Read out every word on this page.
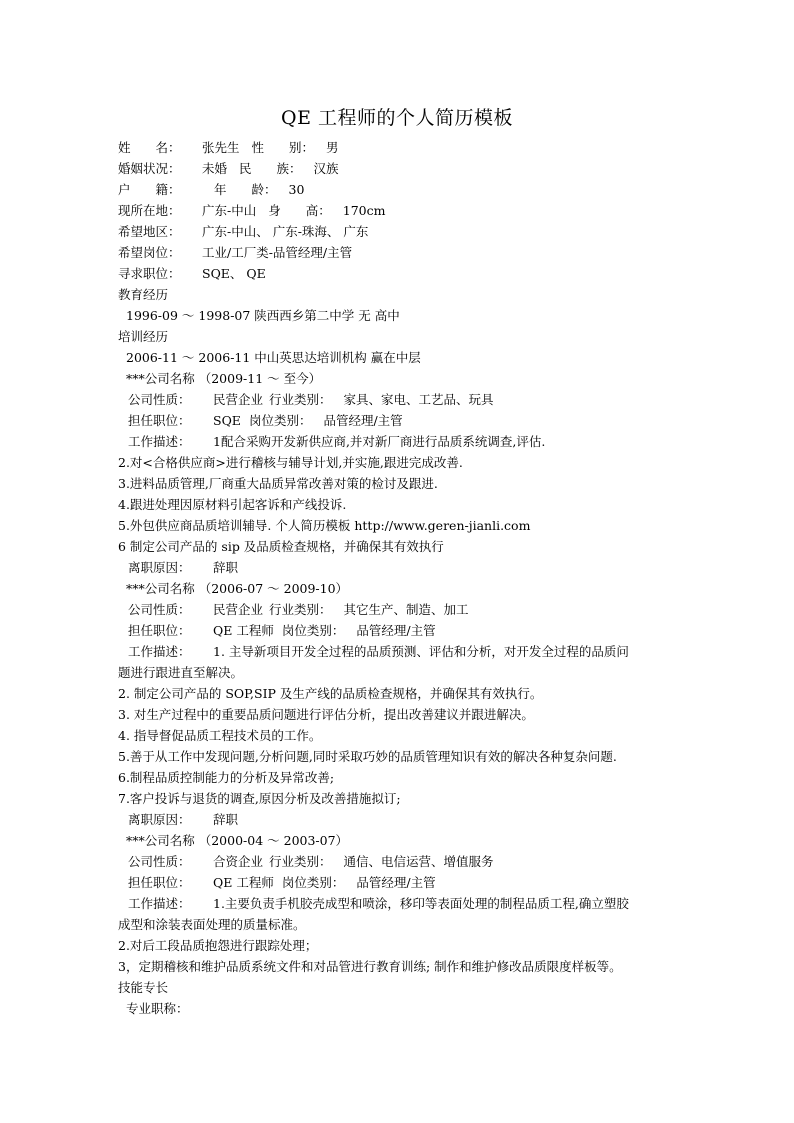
QE 工程师的个人简历模板
姓　　名： 张先生 性　　别： 男
婚姻状况： 未婚 民　　族： 汉族
户　　籍：	年　　龄： 30
现所在地： 广东-中山 身　　高： 170cm
希望地区： 广东-中山、 广东-珠海、 广东
希望岗位： 工业/工厂类-品管经理/主管
寻求职位： SQE、 QE
教育经历
1996-09 ～ 1998-07 陕西西乡第二中学 无 高中
培训经历
2006-11 ～ 2006-11 中山英思达培训机构 赢在中层
***公司名称 （2009-11 ～ 至今）
公司性质： 民营企业 行业类别： 家具、家电、工艺品、玩具
担任职位： SQE 岗位类别： 品管经理/主管
工作描述： 1配合采购开发新供应商,并对新厂商进行品质系统调查,评估.
2.对<合格供应商>进行稽核与辅导计划,并实施,跟进完成改善.
3.进料品质管理,厂商重大品质异常改善对策的检讨及跟进.
4.跟进处理因原材料引起客诉和产线投诉.
5.外包供应商品质培训辅导. 个人简历模板 http://www.geren-jianli.com
6 制定公司产品的 sip 及品质检查规格，并确保其有效执行
离职原因： 辞职
***公司名称 （2006-07 ～ 2009-10）
公司性质： 民营企业 行业类别： 其它生产、制造、加工
担任职位： QE 工程师 岗位类别： 品管经理/主管
工作描述： 1. 主导新项目开发全过程的品质预测、评估和分析，对开发全过程的品质问
题进行跟进直至解决。
2. 制定公司产品的 SOP,SIP 及生产线的品质检查规格，并确保其有效执行。
3. 对生产过程中的重要品质问题进行评估分析，提出改善建议并跟进解决。
4. 指导督促品质工程技术员的工作。
5.善于从工作中发现问题,分析问题,同时采取巧妙的品质管理知识有效的解决各种复杂问题.
6.制程品质控制能力的分析及异常改善;
7.客户投诉与退货的调查,原因分析及改善措施拟订;
离职原因： 辞职
***公司名称 （2000-04 ～ 2003-07）
公司性质： 合资企业 行业类别： 通信、电信运营、增值服务
担任职位： QE 工程师 岗位类别： 品管经理/主管
工作描述： 1.主要负责手机胶壳成型和喷涂，移印等表面处理的制程品质工程,确立塑胶
成型和涂装表面处理的质量标准。
2.对后工段品质抱怨进行跟踪处理；
3，定期稽核和维护品质系统文件和对品管进行教育训练; 制作和维护修改品质限度样板等。
技能专长
专业职称：
